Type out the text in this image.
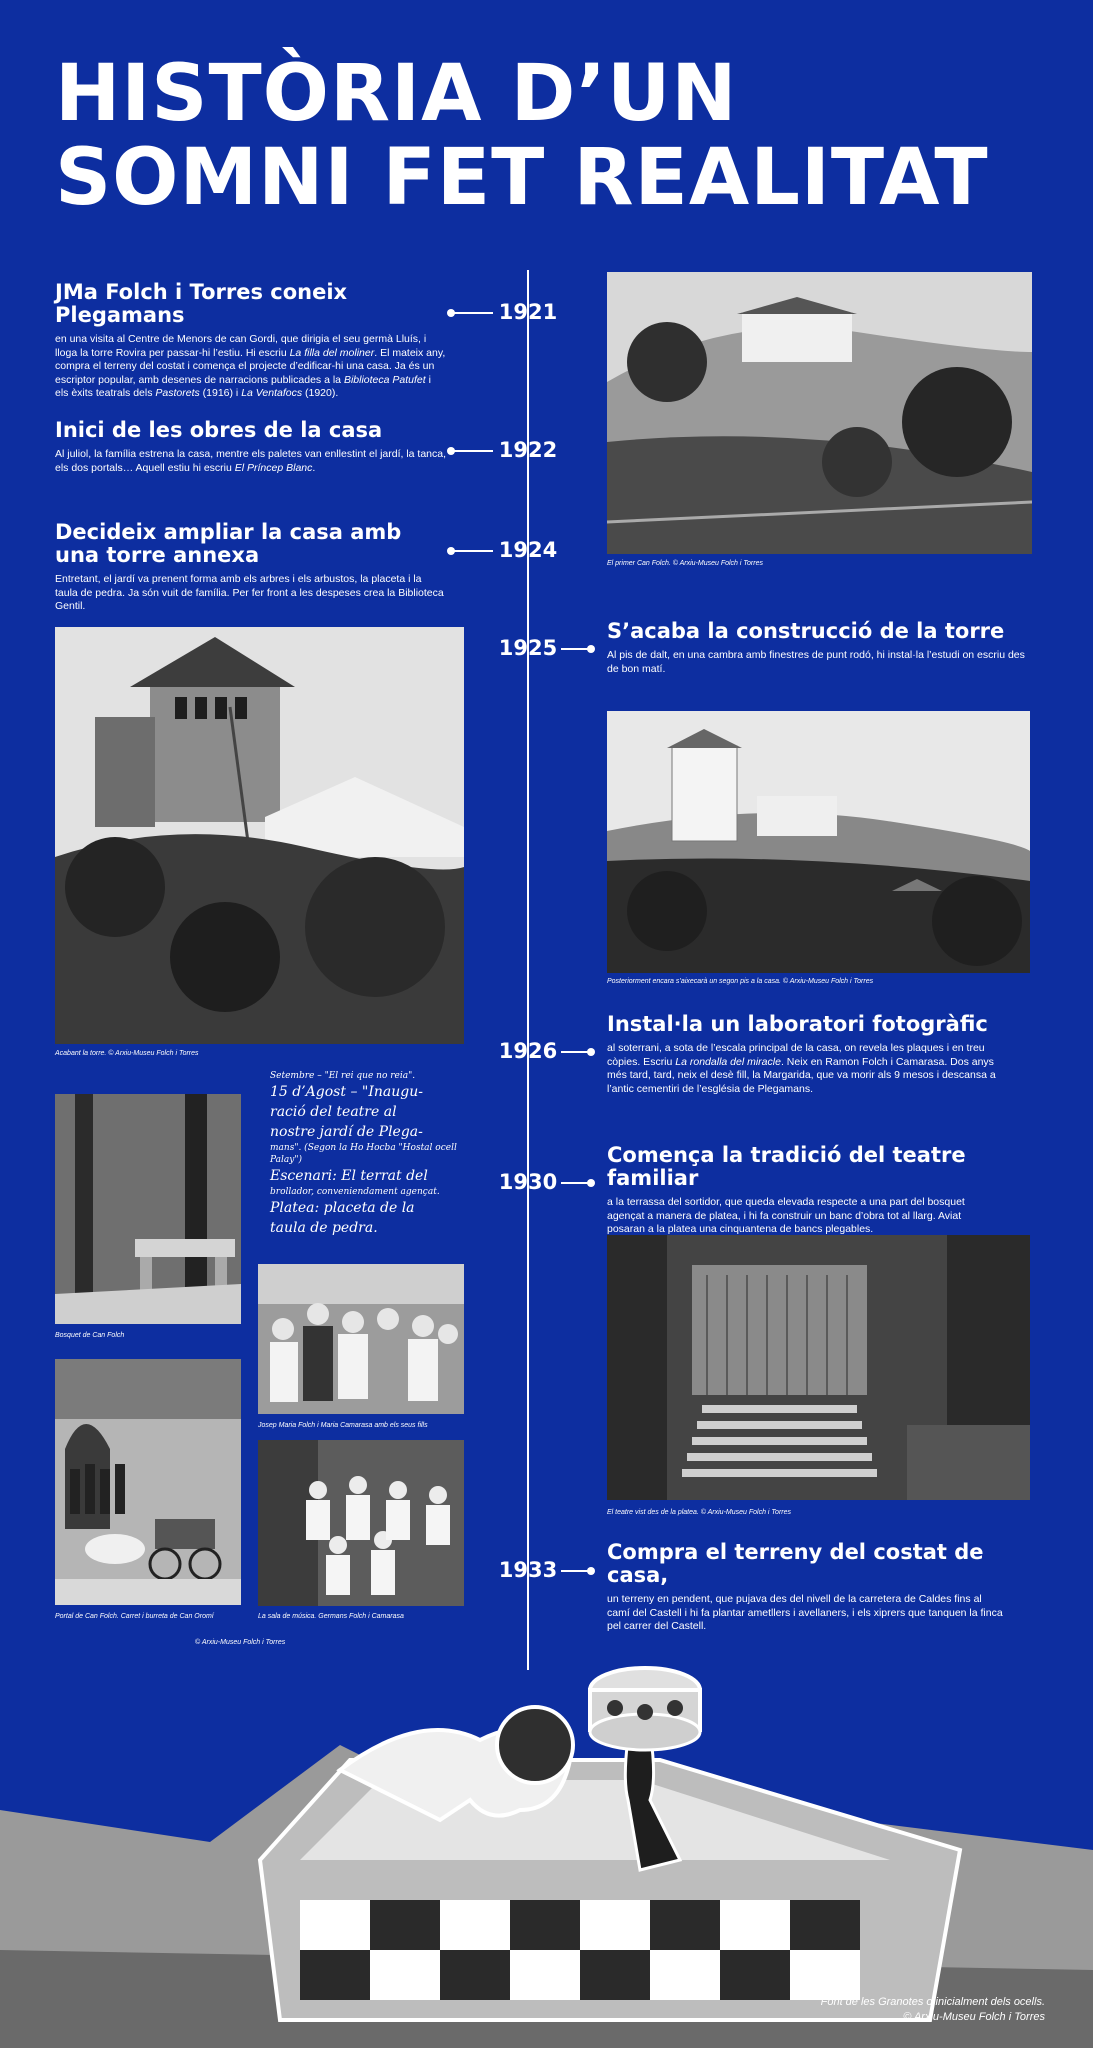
HISTÒRIA D’UN
SOMNI FET REALITAT
JMa Folch i Torres coneix Plegamans

en una visita al Centre de Menors de can Gordi, que dirigia el seu germà Lluís, i lloga la torre Rovira per passar-hi l’estiu. Hi escriu La filla del moliner. El mateix any, compra el terreny del costat i comença el projecte d’edificar-hi una casa. Ja és un escriptor popular, amb desenes de narracions publicades a la Biblioteca Patufet i els èxits teatrals dels Pastorets (1916) i La Ventafocs (1920).

1921
Inici de les obres de la casa

Al juliol, la família estrena la casa, mentre els paletes van enllestint el jardí, la tanca, els dos portals… Aquell estiu hi escriu El Príncep Blanc.

1922
Decideix ampliar la casa amb una torre annexa

Entretant, el jardí va prenent forma amb els arbres i els arbustos, la placeta i la taula de pedra. Ja són vuit de família. Per fer front a les despeses crea la Biblioteca Gentil.

1924
1925
S’acaba la construcció de la torre

Al pis de dalt, en una cambra amb finestres de punt rodó, hi instal·la l’estudi on escriu des de bon matí.

1926
Instal·la un laboratori fotogràfic

al soterrani, a sota de l’escala principal de la casa, on revela les plaques i en treu còpies. Escriu La rondalla del miracle. Neix en Ramon Folch i Camarasa. Dos anys més tard, tard, neix el desè fill, la Margarida, que va morir als 9 mesos i descansa a l’antic cementiri de l’església de Plegamans.

1930
Comença la tradició del teatre familiar

a la terrassa del sortidor, que queda elevada respecte a una part del bosquet agençat a manera de platea, i hi fa construir un banc d’obra tot al llarg. Aviat posaran a la platea una cinquantena de bancs plegables.

1933
Compra el terreny del costat de casa,

un terreny en pendent, que pujava des del nivell de la carretera de Caldes fins al camí del Castell i hi fa plantar ametllers i avellaners, i els xiprers que tanquen la finca pel carrer del Castell.

El primer Can Folch. © Arxiu-Museu Folch i Torres
Posteriorment encara s’aixecarà un segon pis a la casa. © Arxiu-Museu Folch i Torres
El teatre vist des de la platea. © Arxiu-Museu Folch i Torres
Acabant la torre. © Arxiu-Museu Folch i Torres
Bosquet de Can Folch
Setembre – "El rei que no reia".
15 d’Agost – "Inaugu-
ració del teatre al
nostre jardí de Plega-
mans". (Segon la Ho Hocba "Hostal ocell Palay")
Escenari: El terrat del
brollador, conveniendament agençat.
Platea: placeta de la
taula de pedra.
Josep Maria Folch i Maria Camarasa amb els seus fills
Portal de Can Folch. Carret i burreta de Can Oromí	La sala de música. Germans Folch i Camarasa
© Arxiu-Museu Folch i Torres
Font de les Granotes o inicialment dels ocells.
© Arxiu-Museu Folch i Torres
